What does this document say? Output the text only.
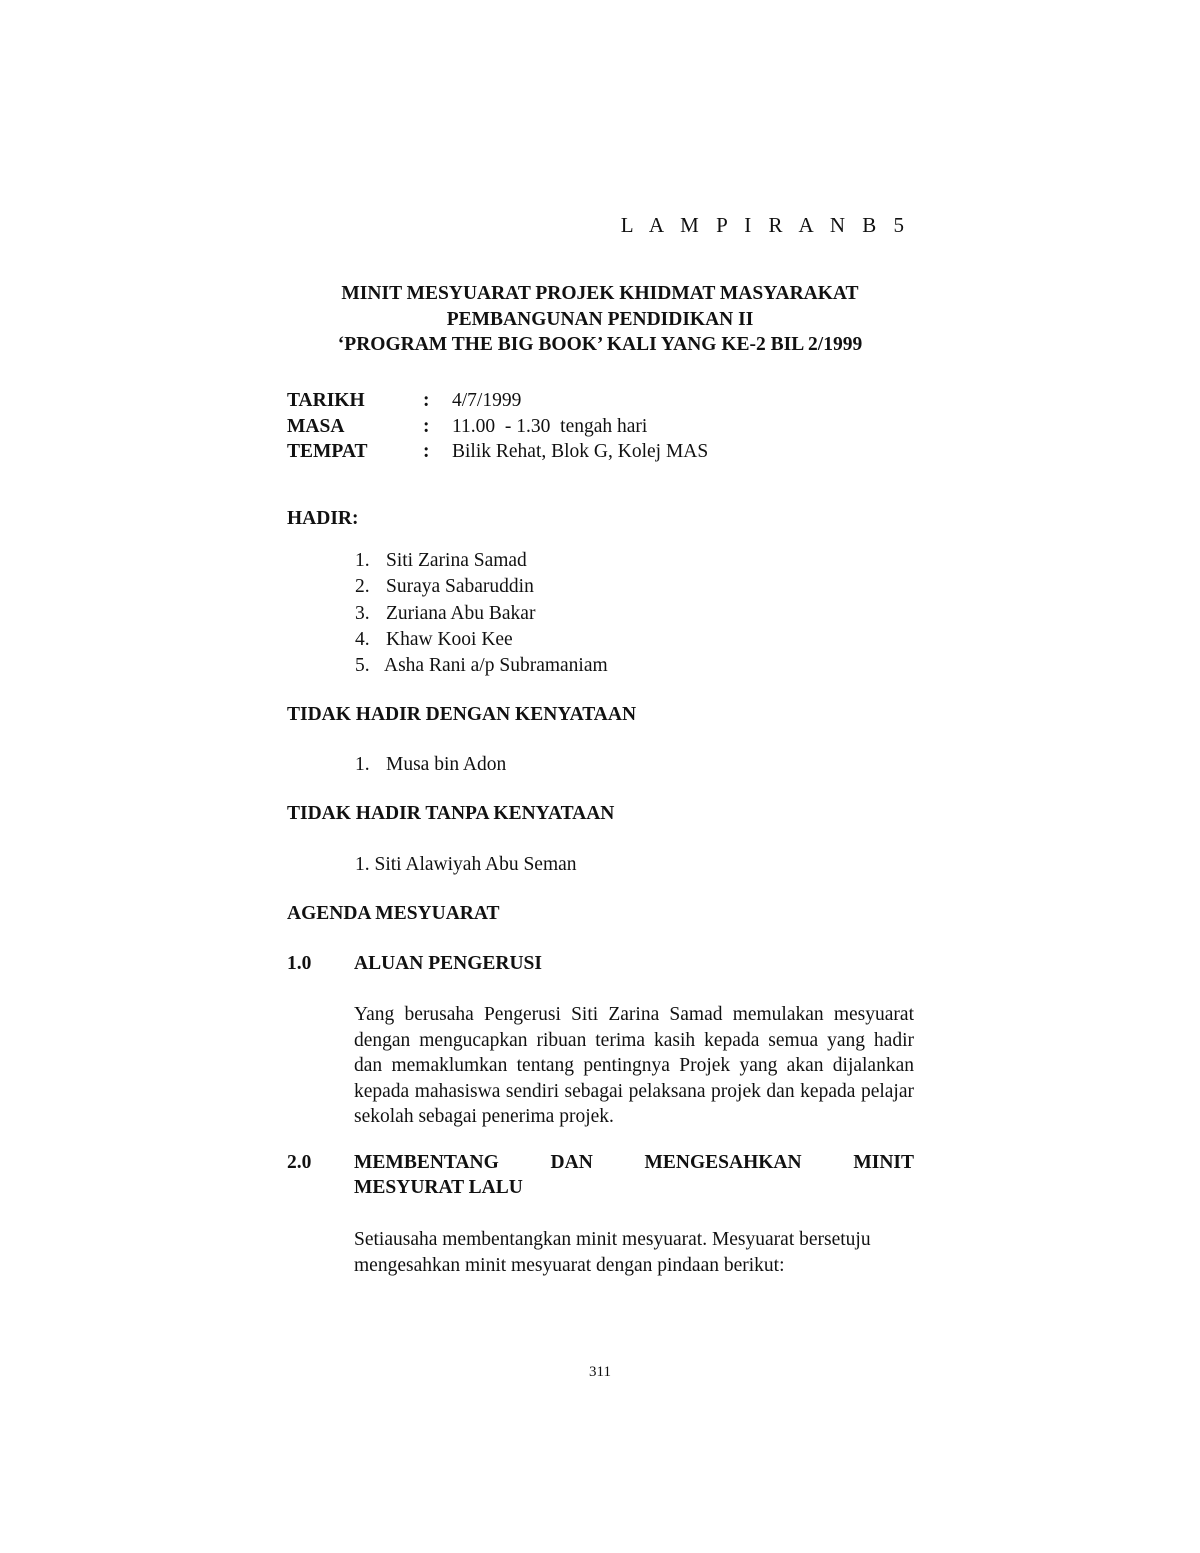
L A M P I R A N B 5
MINIT MESYUARAT PROJEK KHIDMAT MASYARAKAT
PEMBANGUNAN PENDIDIKAN II
‘PROGRAM THE BIG BOOK’ KALI YANG KE-2 BIL 2/1999
TARIKH	: 4/7/1999
MASA	: 11.00  - 1.30  tengah hari
TEMPAT	: Bilik Rehat, Blok G, Kolej MAS
HADIR:
1. Siti Zarina Samad
2. Suraya Sabaruddin
3. Zuriana Abu Bakar
4. Khaw Kooi Kee
5. Asha Rani a/p Subramaniam
TIDAK HADIR DENGAN KENYATAAN
1. Musa bin Adon
TIDAK HADIR TANPA KENYATAAN
1. Siti Alawiyah Abu Seman
AGENDA MESYUARAT
1.0 ALUAN PENGERUSI
Yang berusaha Pengerusi Siti Zarina Samad memulakan mesyuarat dengan mengucapkan ribuan terima kasih kepada semua yang hadir dan memaklumkan tentang pentingnya Projek yang akan dijalankan kepada mahasiswa sendiri sebagai pelaksana projek dan kepada pelajar sekolah sebagai penerima projek.
2.0 MEMBENTANG	DAN	MENGESAHKAN	MINIT
MESYURAT LALU
Setiausaha membentangkan minit mesyuarat. Mesyuarat bersetuju mengesahkan minit mesyuarat dengan pindaan berikut:
311
